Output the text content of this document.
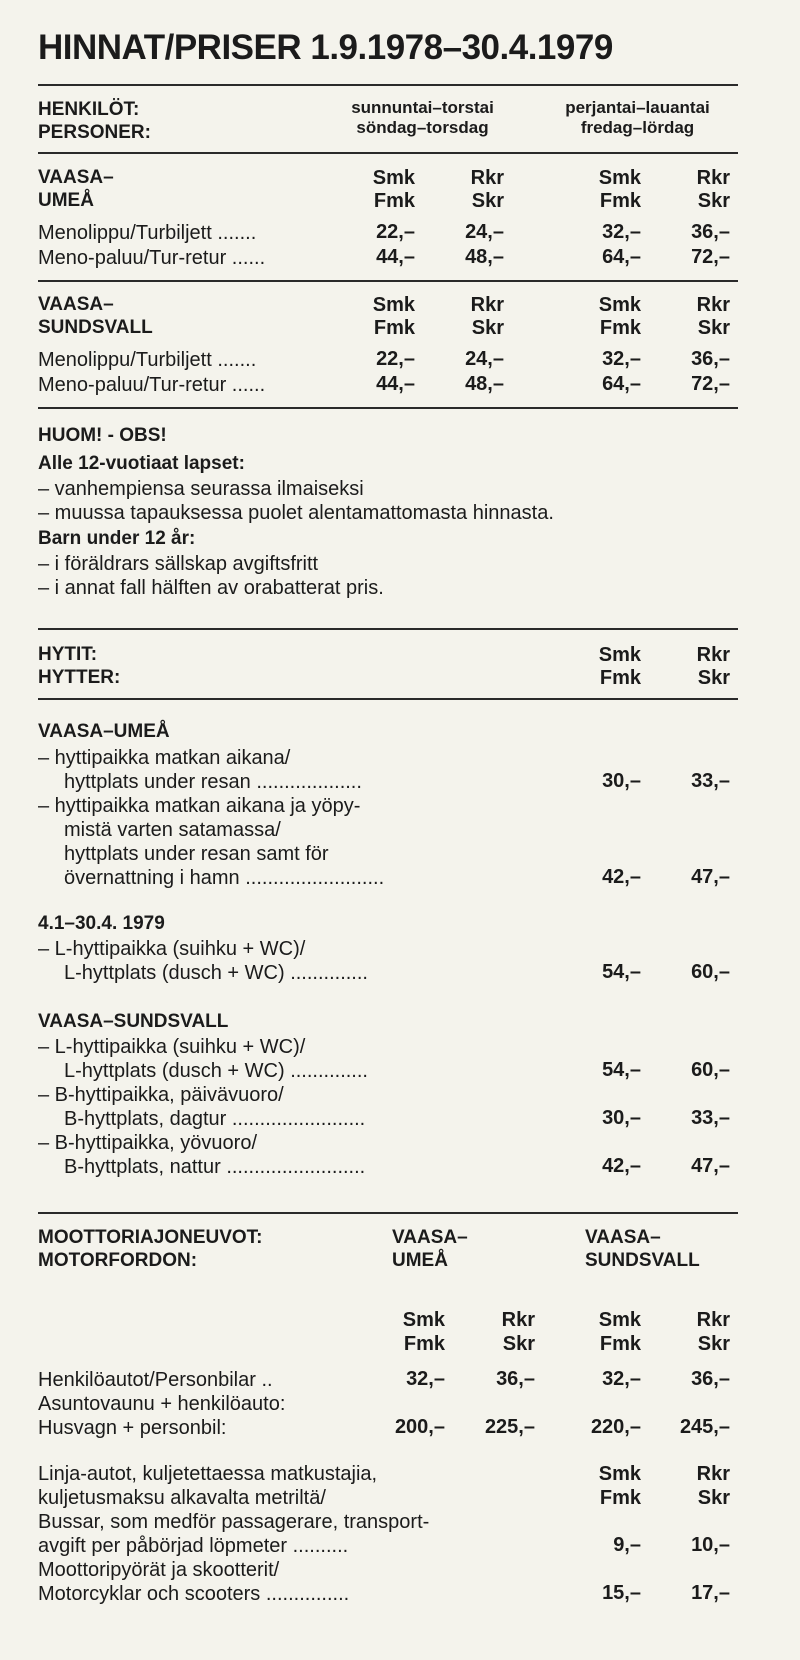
HINNAT/PRISER 1.9.1978–30.4.1979
HENKILÖT:
PERSONER:
sunnuntai–torstai
söndag–torsdag
perjantai–lauantai
fredag–lördag
VAASA–
UMEÅ
Smk	Rkr	Smk	Rkr
Fmk	Skr	Fmk	Skr
Menolippu/Turbiljett .......	22,–	24,–	32,–	36,–
Meno-paluu/Tur-retur ......	44,–	48,–	64,–	72,–
VAASA–
SUNDSVALL
Smk	Rkr	Smk	Rkr
Fmk	Skr	Fmk	Skr
Menolippu/Turbiljett .......	22,–	24,–	32,–	36,–
Meno-paluu/Tur-retur ......	44,–	48,–	64,–	72,–
HUOM! - OBS!
Alle 12-vuotiaat lapset:
– vanhempiensa seurassa ilmaiseksi
– muussa tapauksessa puolet alentamattomasta hinnasta.
Barn under 12 år:
– i föräldrars sällskap avgiftsfritt
– i annat fall hälften av orabatterat pris.
HYTIT:
HYTTER:
Smk	Rkr
Fmk	Skr
VAASA–UMEÅ
– hyttipaikka matkan aikana/
hyttplats under resan ...................	30,–	33,–
– hyttipaikka matkan aikana ja yöpy-
mistä varten satamassa/
hyttplats under resan samt för
övernattning i hamn .........................	42,–	47,–
4.1–30.4. 1979
– L-hyttipaikka (suihku + WC)/
L-hyttplats (dusch + WC) ..............	54,–	60,–
VAASA–SUNDSVALL
– L-hyttipaikka (suihku + WC)/
L-hyttplats (dusch + WC) ..............	54,–	60,–
– B-hyttipaikka, päivävuoro/
B-hyttplats, dagtur ........................	30,–	33,–
– B-hyttipaikka, yövuoro/
B-hyttplats, nattur .........................	42,–	47,–
MOOTTORIAJONEUVOT:
MOTORFORDON:
VAASA–
UMEÅ
VAASA–
SUNDSVALL
Smk	Rkr	Smk	Rkr
Fmk	Skr	Fmk	Skr
Henkilöautot/Personbilar ..	32,–	36,–	32,–	36,–
Asuntovaunu + henkilöauto:
Husvagn + personbil:	200,–	225,–	220,–	245,–
Linja-autot, kuljetettaessa matkustajia,
kuljetusmaksu alkavalta metriltä/
Bussar, som medför passagerare, transport-
avgift per påbörjad löpmeter ..........
Smk	Rkr
Fmk	Skr
9,–	10,–
Moottoripyörät ja skootterit/
Motorcyklar och scooters ...............	15,–	17,–
